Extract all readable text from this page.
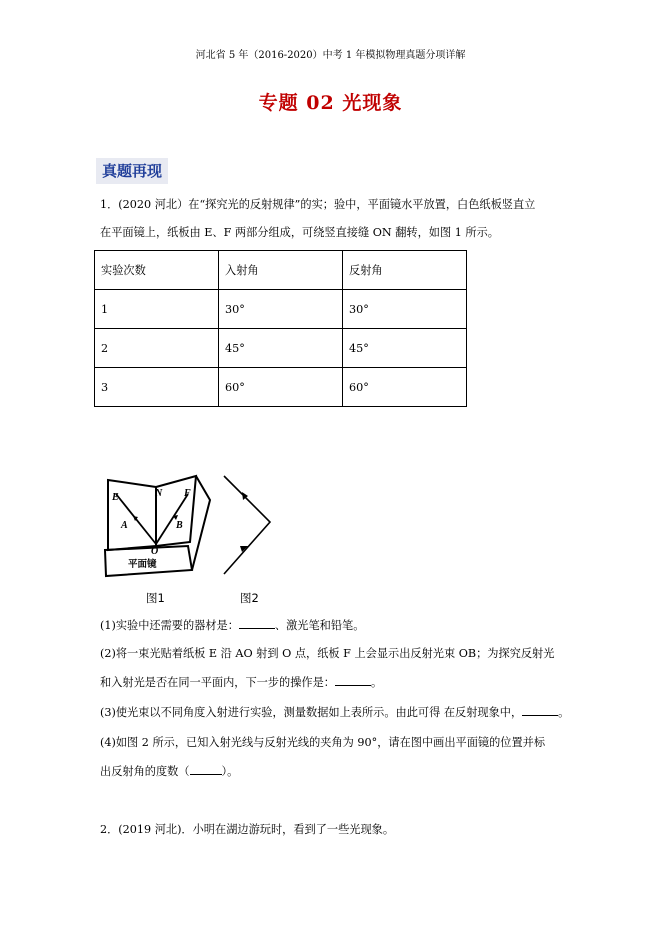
河北省 5 年（2016-2020）中考 1 年模拟物理真题分项详解
专题 02 光现象
真题再现
1．(2020 河北）在“探究光的反射规律”的实；验中，平面镜水平放置，白色纸板竖直立
在平面镜上，纸板由 E、F 两部分组成，可绕竖直接缝 ON 翻转，如图 1 所示。
实验次数	入射角	反射角
1	30°	30°
2	45°	45°
3	60°	60°
E	N F
A	B
O
平面镜
图1	图2
(1)实验中还需要的器材是：	、激光笔和铅笔。
(2)将一束光贴着纸板 E 沿 AO 射到 O 点，纸板 F 上会显示出反射光束 OB；为探究反射光
和入射光是否在同一平面内，下一步的操作是：	。
(3)使光束以不同角度入射进行实验，测量数据如上表所示。由此可得 在反射现象中，	。
(4)如图 2 所示，已知入射光线与反射光线的夹角为 90°，请在图中画出平面镜的位置并标
出反射角的度数（	）。
2．(2019 河北)．小明在湖边游玩时，看到了一些光现象。
